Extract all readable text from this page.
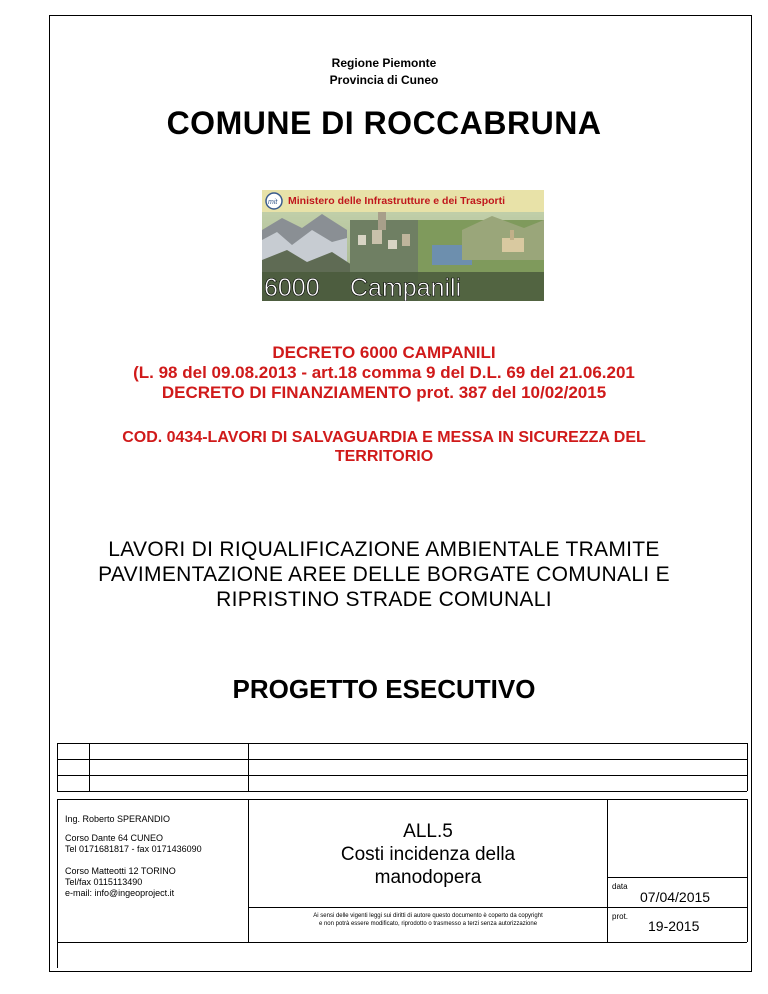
Regione Piemonte
Provincia di Cuneo
COMUNE DI ROCCABRUNA
mit Ministero delle Infrastrutture e dei Trasporti
6000 Campanili
DECRETO 6000 CAMPANILI
(L. 98 del 09.08.2013 - art.18 comma 9 del D.L. 69 del 21.06.201
DECRETO DI FINANZIAMENTO prot. 387 del 10/02/2015
COD. 0434-LAVORI DI SALVAGUARDIA E MESSA IN SICUREZZA DEL
TERRITORIO
LAVORI DI RIQUALIFICAZIONE AMBIENTALE TRAMITE
PAVIMENTAZIONE AREE DELLE BORGATE COMUNALI E
RIPRISTINO STRADE COMUNALI
PROGETTO ESECUTIVO
Ing. Roberto SPERANDIO
Corso Dante 64 CUNEO
Tel 0171681817 - fax 0171436090
Corso Matteotti 12 TORINO
Tel/fax 0115113490
e-mail: info@ingeoproject.it
ALL.5
Costi incidenza della
manodopera
Ai sensi delle vigenti leggi sui diritti di autore questo documento è coperto da copyright
e non potrà essere modificato, riprodotto o trasmesso a terzi senza autorizzazione
data
07/04/2015
prot.
19-2015
